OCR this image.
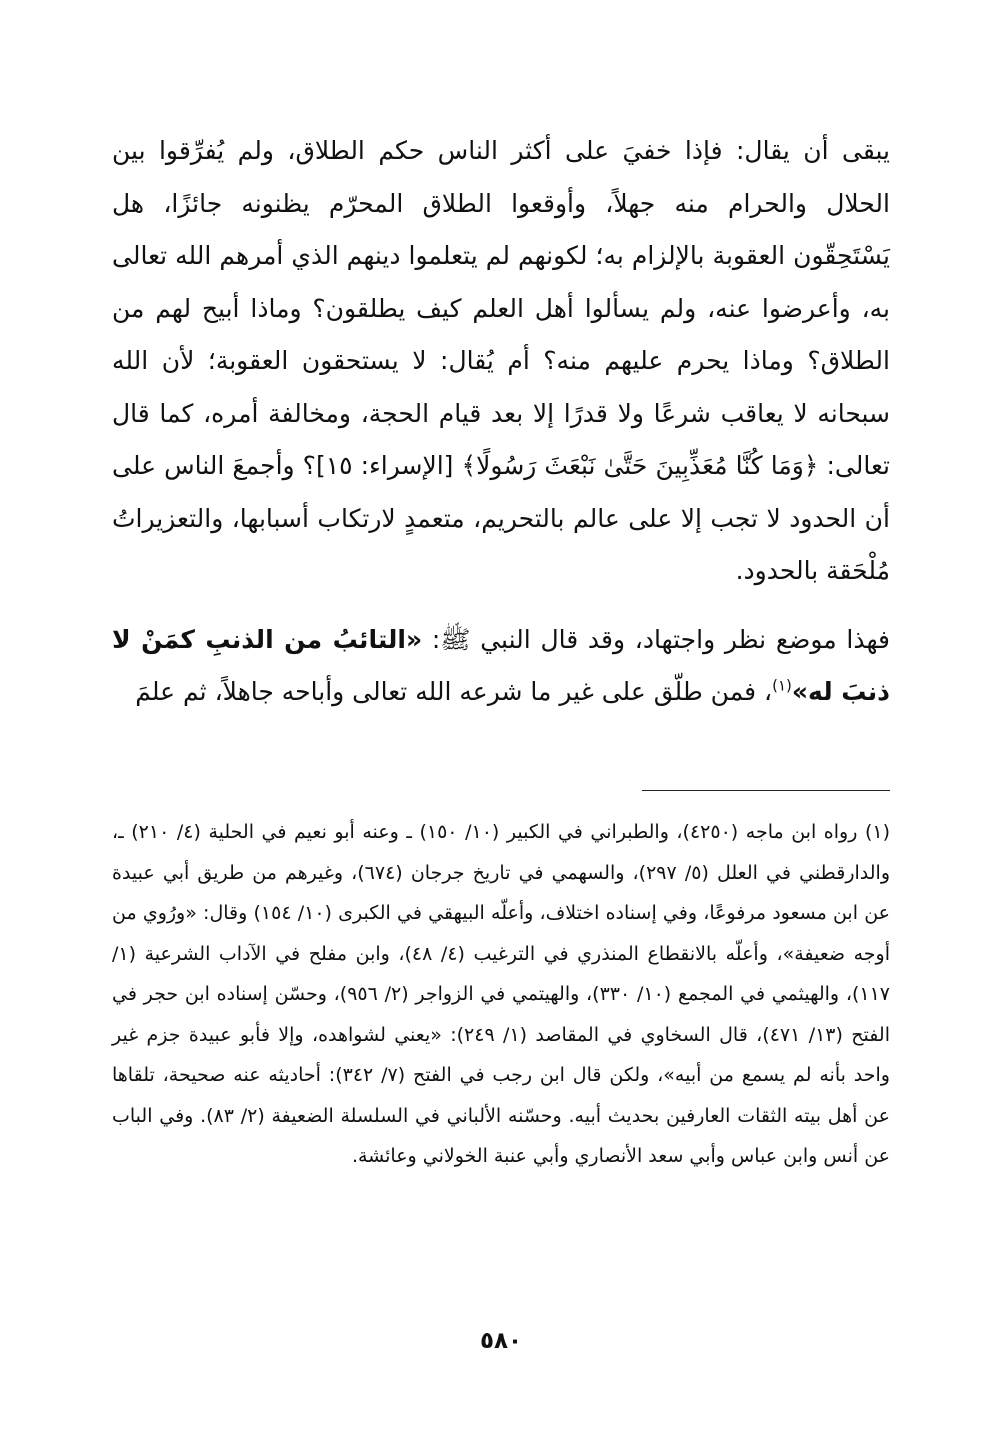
يبقى أن يقال: فإذا خفيَ على أكثر الناس حكم الطلاق، ولم يُفرِّقوا بين الحلال والحرام منه جهلاً، وأوقعوا الطلاق المحرّم يظنونه جائزًا، هل يَسْتَحِقّون العقوبة بالإلزام به؛ لكونهم لم يتعلموا دينهم الذي أمرهم الله تعالى به، وأعرضوا عنه، ولم يسألوا أهل العلم كيف يطلقون؟ وماذا أبيح لهم من الطلاق؟ وماذا يحرم عليهم منه؟ أم يُقال: لا يستحقون العقوبة؛ لأن الله سبحانه لا يعاقب شرعًا ولا قدرًا إلا بعد قيام الحجة، ومخالفة أمره، كما قال تعالى: ﴿وَمَا كُنَّا مُعَذِّبِينَ حَتَّىٰ نَبْعَثَ رَسُولًا﴾ [الإسراء: ١٥]؟ وأجمعَ الناس على أن الحدود لا تجب إلا على عالم بالتحريم، متعمدٍ لارتكاب أسبابها، والتعزيراتُ مُلْحَقة بالحدود.

فهذا موضع نظر واجتهاد، وقد قال النبي ﷺ: «التائبُ من الذنبِ كمَنْ لا ذنبَ له»$^{(١)}$، فمن طلّق على غير ما شرعه الله تعالى وأباحه جاهلاً، ثم علمَ

(١) رواه ابن ماجه (٤٢٥٠)، والطبراني في الكبير (١٠/ ١٥٠) ـ وعنه أبو نعيم في الحلية (٤/ ٢١٠) ـ، والدارقطني في العلل (٥/ ٢٩٧)، والسهمي في تاريخ جرجان (٦٧٤)، وغيرهم من طريق أبي عبيدة عن ابن مسعود مرفوعًا، وفي إسناده اختلاف، وأعلّه البيهقي في الكبرى (١٠/ ١٥٤) وقال: «ورُوي من أوجه ضعيفة»، وأعلّه بالانقطاع المنذري في الترغيب (٤/ ٤٨)، وابن مفلح في الآداب الشرعية (١/ ١١٧)، والهيثمي في المجمع (١٠/ ٣٣٠)، والهيتمي في الزواجر (٢/ ٩٥٦)، وحسّن إسناده ابن حجر في الفتح (١٣/ ٤٧١)، قال السخاوي في المقاصد (١/ ٢٤٩): «يعني لشواهده، وإلا فأبو عبيدة جزم غير واحد بأنه لم يسمع من أبيه»، ولكن قال ابن رجب في الفتح (٧/ ٣٤٢): أحاديثه عنه صحيحة، تلقاها عن أهل بيته الثقات العارفين بحديث أبيه. وحسّنه الألباني في السلسلة الضعيفة (٢/ ٨٣). وفي الباب عن أنس وابن عباس وأبي سعد الأنصاري وأبي عنبة الخولاني وعائشة.

٥٨٠
